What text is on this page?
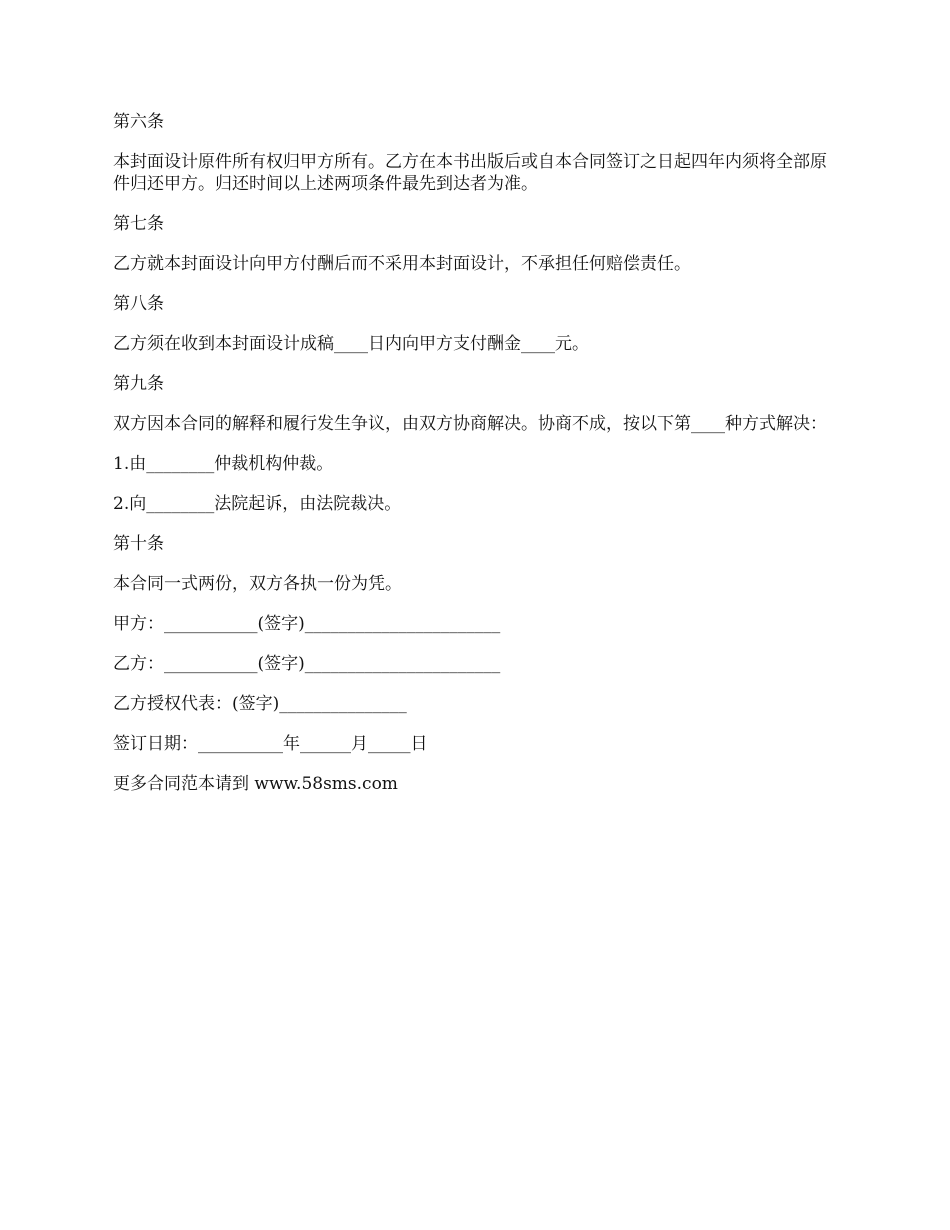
第六条

本封面设计原件所有权归甲方所有。乙方在本书出版后或自本合同签订之日起四年内须将全部原件归还甲方。归还时间以上述两项条件最先到达者为准。

第七条

乙方就本封面设计向甲方付酬后而不采用本封面设计，不承担任何赔偿责任。

第八条

乙方须在收到本封面设计成稿____日内向甲方支付酬金____元。

第九条

双方因本合同的解释和履行发生争议，由双方协商解决。协商不成，按以下第____种方式解决：

1.由________仲裁机构仲裁。

2.向________法院起诉，由法院裁决。

第十条

本合同一式两份，双方各执一份为凭。

甲方：___________(签字)_______________________

乙方：___________(签字)_______________________

乙方授权代表：(签字)_______________

签订日期：__________年______月_____日

更多合同范本请到 www.58sms.com
